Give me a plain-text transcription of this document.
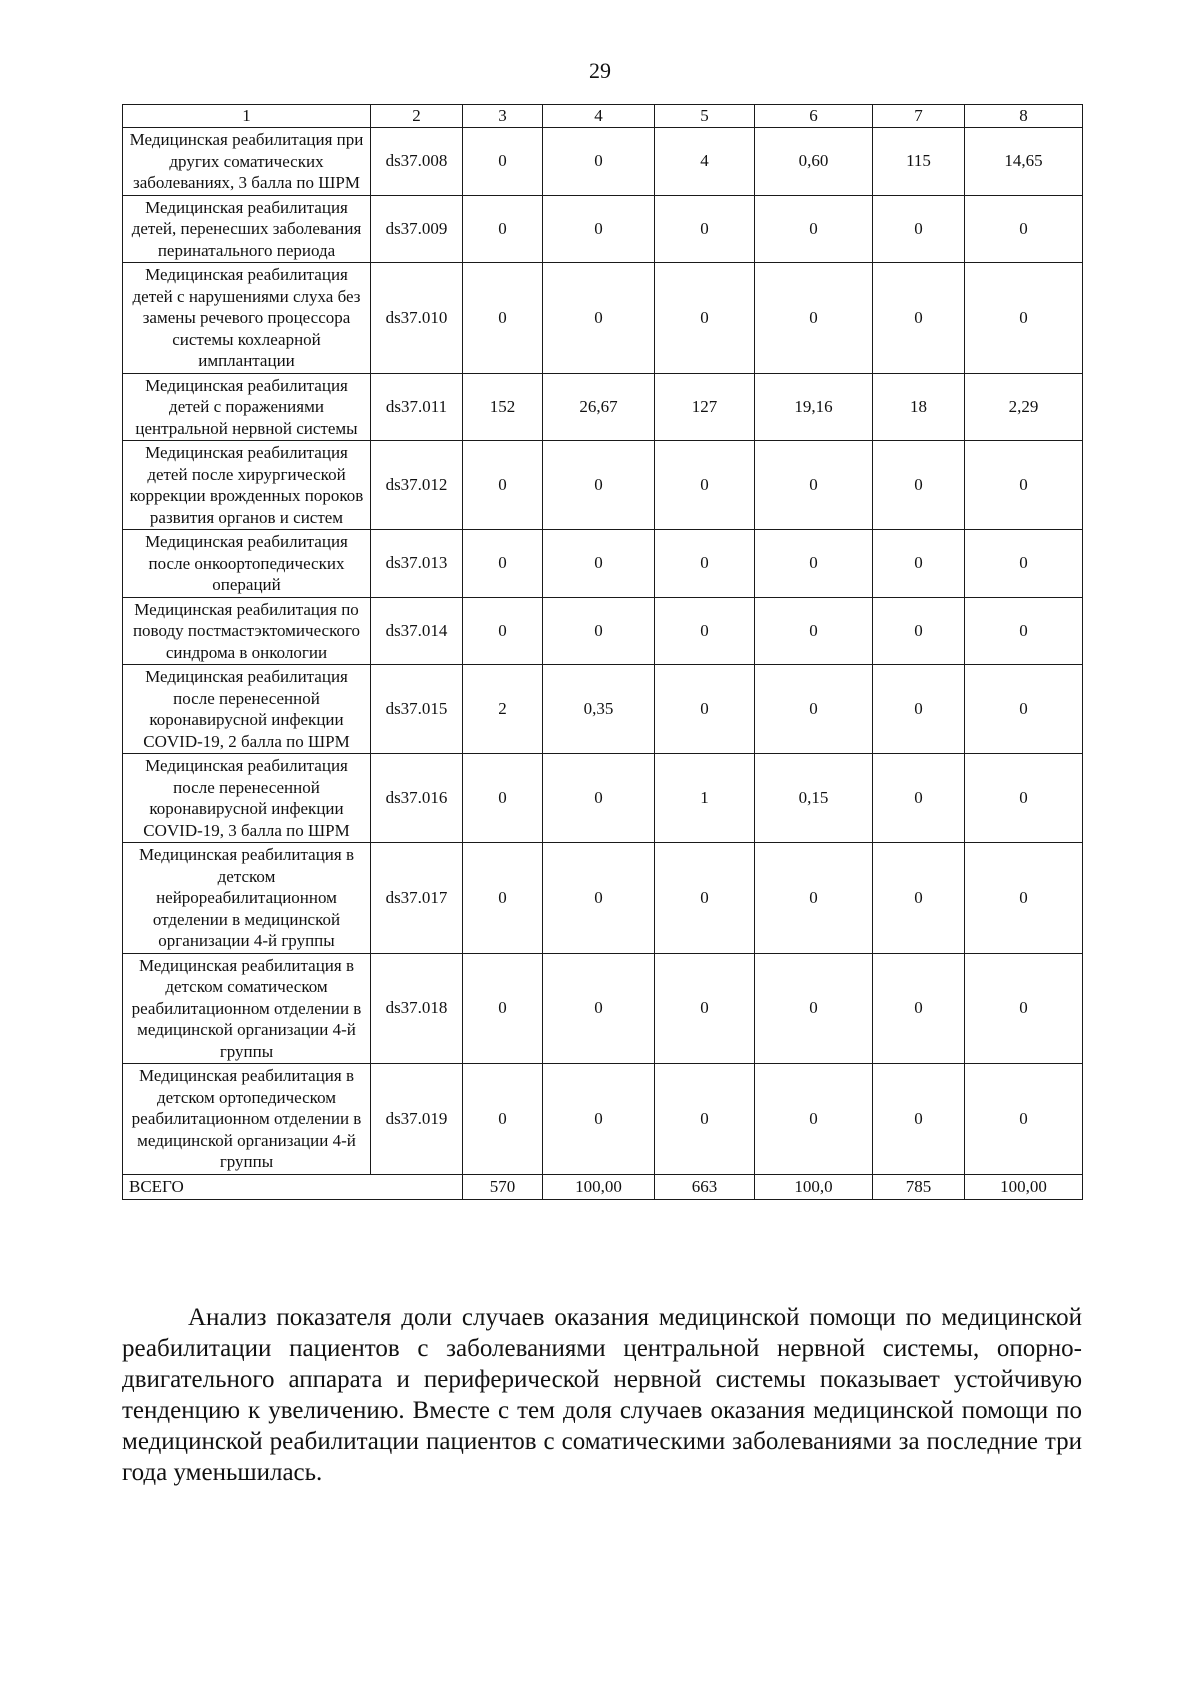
29
1	2	3	4	5	6	7	8
Медицинская реабилитация при других соматических заболеваниях, 3 балла по ШРМ	ds37.008	0	0	4	0,60	115	14,65
Медицинская реабилитация детей, перенесших заболевания перинатального периода	ds37.009	0	0	0	0	0	0
Медицинская реабилитация детей с нарушениями слуха без замены речевого процессора системы кохлеарной имплантации	ds37.010	0	0	0	0	0	0
Медицинская реабилитация детей с поражениями центральной нервной системы	ds37.011	152	26,67	127	19,16	18	2,29
Медицинская реабилитация детей после хирургической коррекции врожденных пороков развития органов и систем	ds37.012	0	0	0	0	0	0
Медицинская реабилитация после онкоортопедических операций	ds37.013	0	0	0	0	0	0
Медицинская реабилитация по поводу постмастэктомического синдрома в онкологии	ds37.014	0	0	0	0	0	0
Медицинская реабилитация после перенесенной коронавирусной инфекции COVID-19, 2 балла по ШРМ	ds37.015	2	0,35	0	0	0	0
Медицинская реабилитация после перенесенной коронавирусной инфекции COVID-19, 3 балла по ШРМ	ds37.016	0	0	1	0,15	0	0
Медицинская реабилитация в детском нейрореабилитационном отделении в медицинской организации 4-й группы	ds37.017	0	0	0	0	0	0
Медицинская реабилитация в детском соматическом реабилитационном отделении в медицинской организации 4-й группы	ds37.018	0	0	0	0	0	0
Медицинская реабилитация в детском ортопедическом реабилитационном отделении в медицинской организации 4-й группы	ds37.019	0	0	0	0	0	0
ВСЕГО		570	100,00	663	100,0	785	100,00

Анализ показателя доли случаев оказания медицинской помощи по медицинской реабилитации пациентов с заболеваниями центральной нервной системы, опорно-двигательного аппарата и периферической нервной системы показывает устойчивую тенденцию к увеличению. Вместе с тем доля случаев оказания медицинской помощи по медицинской реабилитации пациентов с соматическими заболеваниями за последние три года уменьшилась.
